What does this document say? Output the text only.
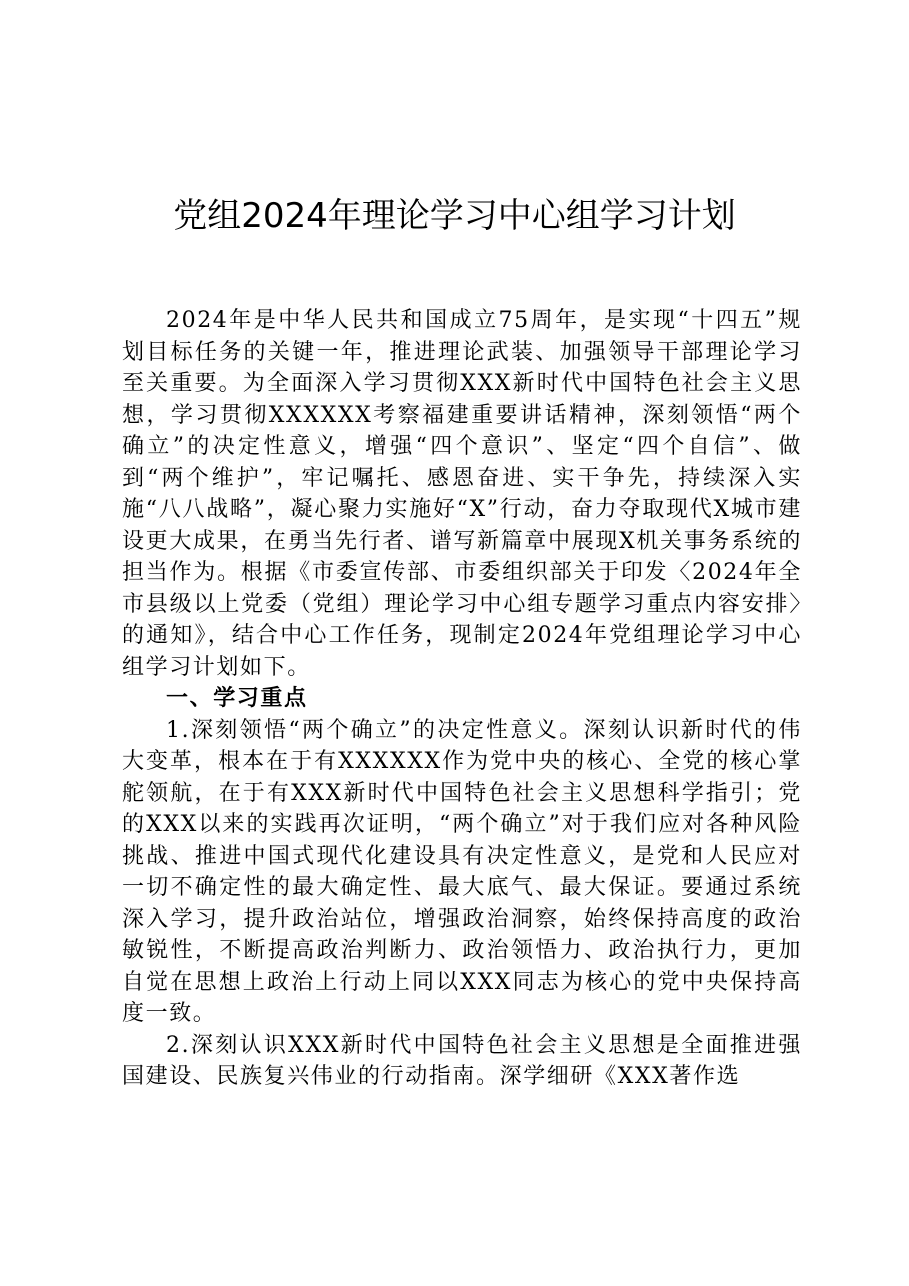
党组2024年理论学习中心组学习计划

2024年是中华人民共和国成立75周年，是实现“十四五”规划目标任务的关键一年，推进理论武装、加强领导干部理论学习至关重要。为全面深入学习贯彻XXX新时代中国特色社会主义思想，学习贯彻XXXXXX考察福建重要讲话精神，深刻领悟“两个确立”的决定性意义，增强“四个意识”、坚定“四个自信”、做到“两个维护”，牢记嘱托、感恩奋进、实干争先，持续深入实施“八八战略”，凝心聚力实施好“X”行动，奋力夺取现代X城市建设更大成果，在勇当先行者、谱写新篇章中展现X机关事务系统的担当作为。根据《市委宣传部、市委组织部关于印发〈2024年全市县级以上党委（党组）理论学习中心组专题学习重点内容安排〉的通知》，结合中心工作任务，现制定2024年党组理论学习中心组学习计划如下。

一、学习重点

1.深刻领悟“两个确立”的决定性意义。深刻认识新时代的伟大变革，根本在于有XXXXXX作为党中央的核心、全党的核心掌舵领航，在于有XXX新时代中国特色社会主义思想科学指引；党的XXX以来的实践再次证明，“两个确立”对于我们应对各种风险挑战、推进中国式现代化建设具有决定性意义，是党和人民应对一切不确定性的最大确定性、最大底气、最大保证。要通过系统深入学习，提升政治站位，增强政治洞察，始终保持高度的政治敏锐性，不断提高政治判断力、政治领悟力、政治执行力，更加自觉在思想上政治上行动上同以XXX同志为核心的党中央保持高度一致。

2.深刻认识XXX新时代中国特色社会主义思想是全面推进强国建设、民族复兴伟业的行动指南。深学细研《XXX著作选
